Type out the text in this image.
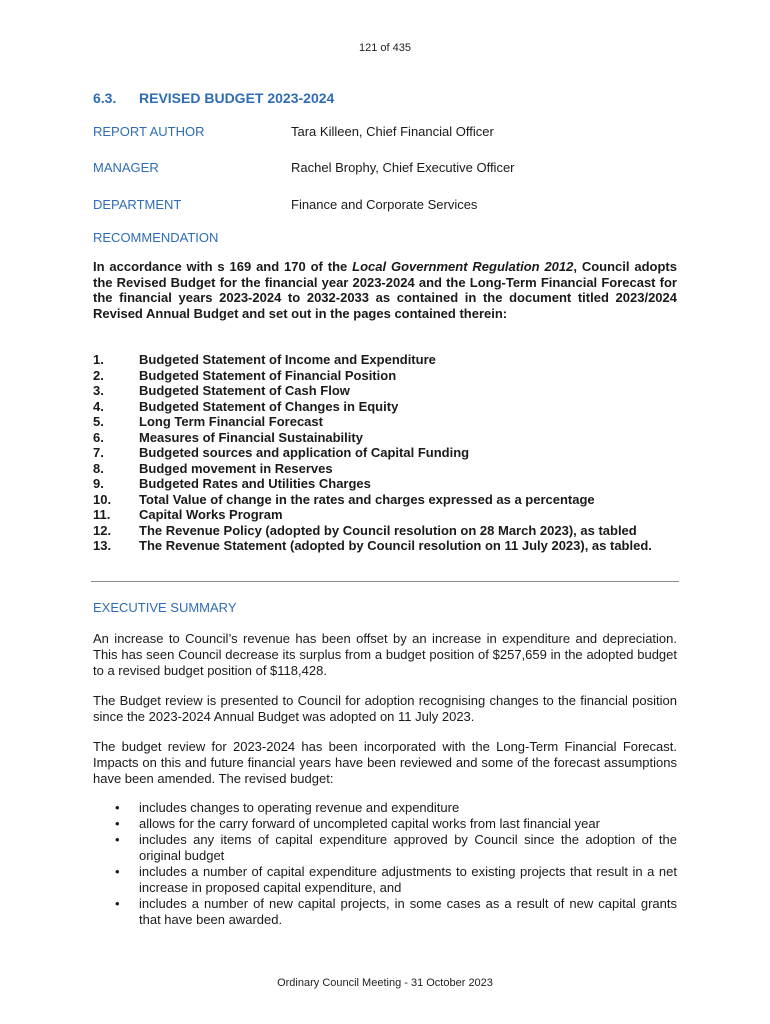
121 of 435
6.3. REVISED BUDGET 2023-2024
REPORT AUTHOR	Tara Killeen, Chief Financial Officer
MANAGER	Rachel Brophy, Chief Executive Officer
DEPARTMENT	Finance and Corporate Services
RECOMMENDATION

In accordance with s 169 and 170 of the Local Government Regulation 2012, Council adopts the Revised Budget for the financial year 2023-2024 and the Long-Term Financial Forecast for the financial years 2023-2024 to 2032-2033 as contained in the document titled 2023/2024 Revised Annual Budget and set out in the pages contained therein:

1.	Budgeted Statement of Income and Expenditure
2.	Budgeted Statement of Financial Position
3.	Budgeted Statement of Cash Flow
4.	Budgeted Statement of Changes in Equity
5.	Long Term Financial Forecast
6.	Measures of Financial Sustainability
7.	Budgeted sources and application of Capital Funding
8.	Budged movement in Reserves
9.	Budgeted Rates and Utilities Charges
10.	Total Value of change in the rates and charges expressed as a percentage
11.	Capital Works Program
12.	The Revenue Policy (adopted by Council resolution on 28 March 2023), as tabled
13.	The Revenue Statement (adopted by Council resolution on 11 July 2023), as tabled.
EXECUTIVE SUMMARY

An increase to Council’s revenue has been offset by an increase in expenditure and depreciation. This has seen Council decrease its surplus from a budget position of $257,659 in the adopted budget to a revised budget position of $118,428.

The Budget review is presented to Council for adoption recognising changes to the financial position since the 2023-2024 Annual Budget was adopted on 11 July 2023.

The budget review for 2023-2024 has been incorporated with the Long-Term Financial Forecast. Impacts on this and future financial years have been reviewed and some of the forecast assumptions have been amended. The revised budget:

•	includes changes to operating revenue and expenditure
•	allows for the carry forward of uncompleted capital works from last financial year
•	includes any items of capital expenditure approved by Council since the adoption of the original budget
•	includes a number of capital expenditure adjustments to existing projects that result in a net increase in proposed capital expenditure, and
•	includes a number of new capital projects, in some cases as a result of new capital grants that have been awarded.
Ordinary Council Meeting - 31 October 2023
